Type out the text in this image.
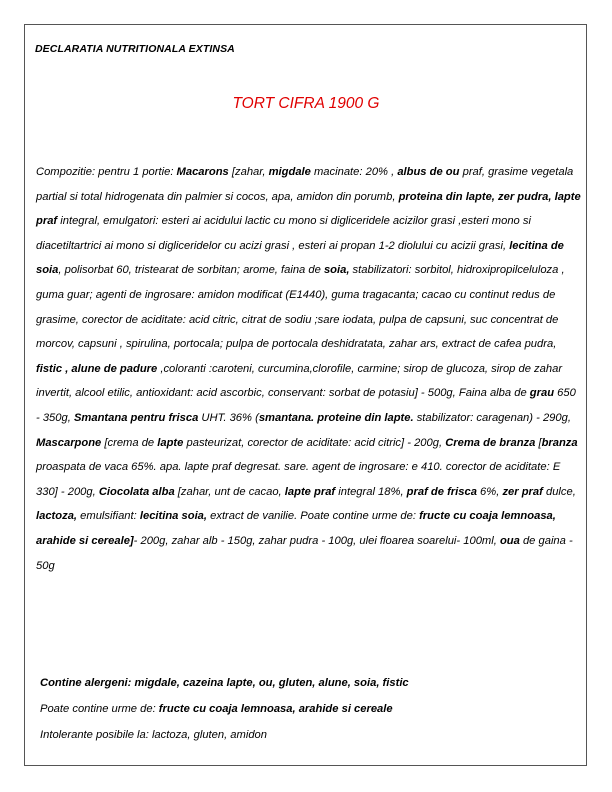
DECLARATIA NUTRITIONALA EXTINSA
TORT CIFRA 1900 G
Compozitie: pentru 1 portie: Macarons [zahar, migdale macinate: 20% , albus de ou praf, grasime vegetala partial si total hidrogenata din palmier si cocos, apa, amidon din porumb, proteina din lapte, zer pudra, lapte praf integral, emulgatori: esteri ai acidului lactic cu mono si digliceridele acizilor grasi ,esteri mono si diacetiltartrici ai mono si digliceridelor cu acizi grasi , esteri ai propan 1-2 diolului cu acizii grasi, lecitina de soia, polisorbat 60, tristearat de sorbitan; arome, faina de soia, stabilizatori: sorbitol, hidroxipropilceluloza , guma guar; agenti de ingrosare: amidon modificat (E1440), guma tragacanta; cacao cu continut redus de grasime, corector de aciditate: acid citric, citrat de sodiu ;sare iodata, pulpa de capsuni, suc concentrat de morcov, capsuni , spirulina, portocala; pulpa de portocala deshidratata, zahar ars, extract de cafea pudra, fistic , alune de padure ,coloranti :caroteni, curcumina,clorofile, carmine; sirop de glucoza, sirop de zahar invertit, alcool etilic, antioxidant: acid ascorbic, conservant: sorbat de potasiu] - 500g, Faina alba de grau 650 - 350g, Smantana pentru frisca UHT. 36% (smantana. proteine din lapte. stabilizator: caragenan) - 290g, Mascarpone [crema de lapte pasteurizat, corector de aciditate: acid citric] - 200g, Crema de branza [branza proaspata de vaca 65%. apa. lapte praf degresat. sare. agent de ingrosare: e 410. corector de aciditate: E 330] - 200g, Ciocolata alba [zahar, unt de cacao, lapte praf integral 18%, praf de frisca 6%, zer praf dulce, lactoza, emulsifiant: lecitina soia, extract de vanilie. Poate contine urme de: fructe cu coaja lemnoasa, arahide si cereale]- 200g, zahar alb - 150g, zahar pudra - 100g, ulei floarea soarelui- 100ml, oua de gaina - 50g
Contine alergeni: migdale, cazeina lapte, ou, gluten, alune, soia, fistic
Poate contine urme de: fructe cu coaja lemnoasa, arahide si cereale
Intolerante posibile la: lactoza, gluten, amidon
